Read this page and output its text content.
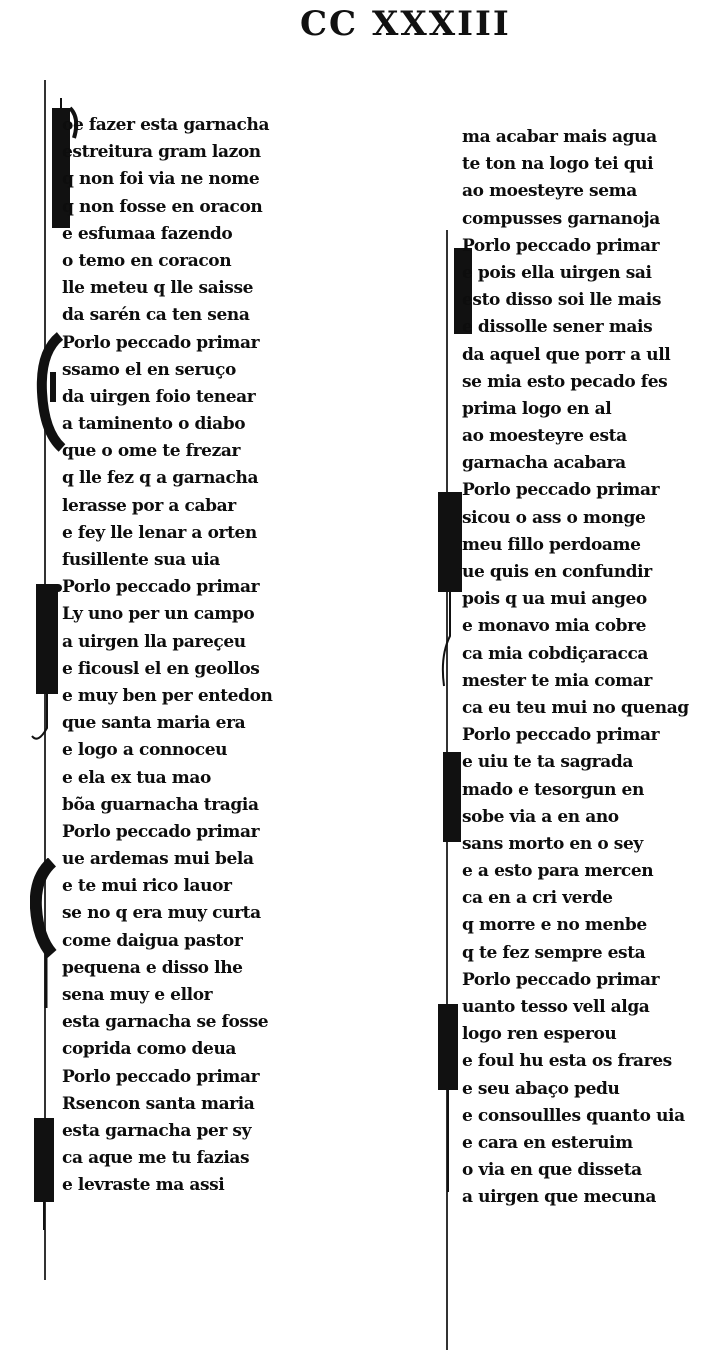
CC XXXIII
oe fazer esta garnacha
estreitura gram lazon
q non foi via ne nome
q non fosse en oracon
e esfumaa fazendo
o temo en coracon
lle meteu q lle saisse
da sarén ca ten sena
Porlo peccado primar
ssamo el en seruço
da uirgen foio tenear
a taminento o diabo
que o ome te frezar
q lle fez q a garnacha
lerasse por a cabar
e fey lle lenar a orten
fusillente sua uia
Porlo peccado primar
Ly uno per un campo
a uirgen lla pareçeu
e ficousl el en geollos
e muy ben per entedon
que santa maria era
e logo a connoceu
e ela ex tua mao
bõa guarnacha tragia
Porlo peccado primar
ue ardemas mui bela
e te mui rico lauor
se no q era muy curta
come daigua pastor
pequena e disso lhe
sena muy e ellor
esta garnacha se fosse
coprida como deua
Porlo peccado primar
Rsencon santa maria
esta garnacha per sy
ca aque me tu fazias
e levraste ma assi
ma acabar mais agua
te ton na logo tei qui
ao moesteyre sema
compusses garnanoja
Porlo peccado primar
e pois ella uirgen sai
esto disso soi lle mais
e dissolle sener mais
da aquel que porr a ull
se mia esto pecado fes
prima logo en al
ao moesteyre esta
garnacha acabara
Porlo peccado primar
sicou o ass o monge
meu fillo perdoame
ue quis en confundir
pois q ua mui angeo
e monavo mia cobre
ca mia cobdiçaracca
mester te mia comar
ca eu teu mui no quenag
Porlo peccado primar
e uiu te ta sagrada
mado e tesorgun en
sobe via a en ano
sans morto en o sey
e a esto para mercen
ca en a cri verde
q morre e no menbe
q te fez sempre esta
Porlo peccado primar
uanto tesso vell alga
logo ren esperou
e foul hu esta os frares
e seu abaço pedu
e consoullles quanto uia
e cara en esteruim
o via en que disseta
a uirgen que mecuna
